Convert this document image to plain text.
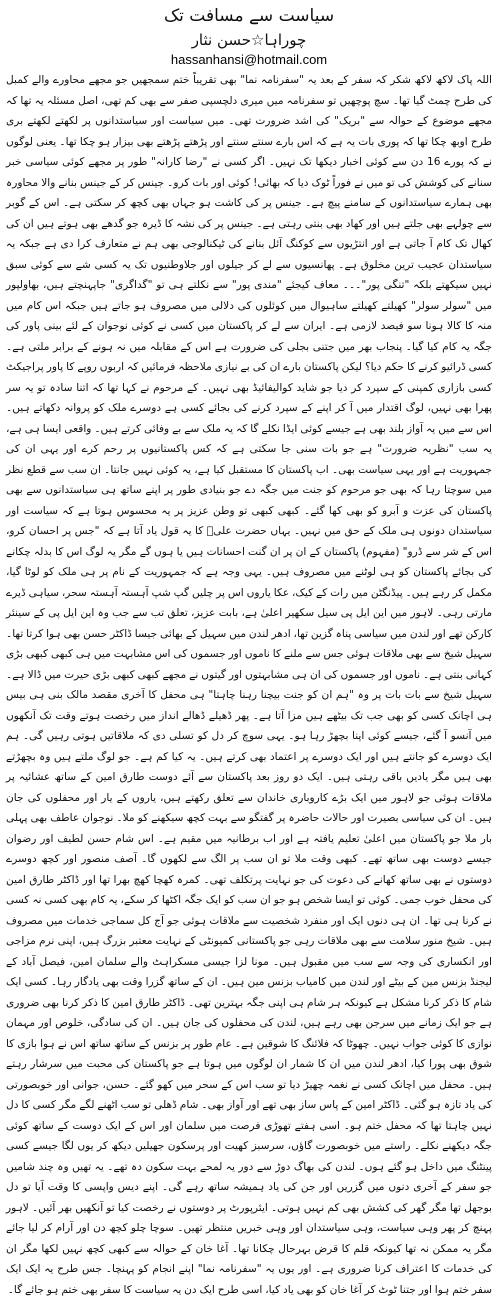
سیاست سے مسافت تک
چوراہا☆حسن نثار
hassanhansi@hotmail.com

اللہ پاک لاکھ لاکھ شکر کہ سفر کے بعد یہ "سفرنامہ نما" بھی تقریباً ختم سمجھیں جو مجھے محاورے والے کمبل کی طرح چمٹ گیا تھا۔ سچ پوچھیں تو سفرنامہ میں میری دلچسپی صفر سے بھی کم تھی، اصل مسئلہ یہ تھا کہ مجھے موضوع کے حوالہ سے "بریک" کی اشد ضرورت تھی۔ میں سیاست اور سیاستدانوں پر لکھتے لکھتے بری طرح اوبھ چکا تھا کہ پوری بات یہ ہے کہ اس بارے سنتے سنتے اور پڑھتے پڑھتے بھی بیزار ہو چکا تھا۔ یعنی لوگوں نے کہ پورے 16 دن سے کوئی اخبار دیکھا تک نہیں۔ اگر کسی نے "رضا کارانہ" طور پر مجھے کوئی سیاسی خبر سنانے کی کوشش کی تو میں نے فوراً ٹوک دیا کہ بھائی! کوئی اور بات کرو۔ جینس کر کے جینس بنانے والا محاورہ بھی ہمارے سیاستدانوں کے سامنے پیچ ہے۔ جینس پر کی کاشت ہو جہاں بھی کچھ کر سکتی ہے۔ اس کے گوبر سے چولہے بھی جلتے ہیں اور کھاد بھی بنتی رہتی ہے۔ جینس پر کی نشہ کا ڈیرہ جو گدھے بھی ہوتے ہیں ان کی کھال تک کام آ جاتی ہے اور انتڑیوں سے کوکنگ آئل بنانے کی ٹیکنالوجی بھی ہم نے متعارف کرا دی ہے جبکہ یہ سیاستدان عجیب ترین مخلوق ہے۔ پھانسیوں سے لے کر جیلوں اور جلاوطنیوں تک یہ کسی شے سے کوئی سبق نہیں سیکھتے بلکہ "تنگی پور"۔۔۔ معاف کیجئے "مندی پور" سے نکلتے ہی تو "گداگری" جاپہنچتے ہیں، بھاولپور میں "سولر سولر" کھیلتے کھیلتے ساہیوال میں کوئلوں کی دلالی میں مصروف ہو جاتے ہیں جبکہ اس کام میں منہ کا کالا ہونا سو فیصد لازمی ہے۔ ایران سے لے کر پاکستان میں کسی نے کوئی نوجوان کے لئے بینی پاور کی جگہ یہ کام کیا گیا۔ پنجاب بھر میں جتنی بجلی کی ضرورت ہے اس کے مقابلہ میں نہ ہونے کے برابر ملتی ہے۔ کسی ڈرائیو کرنے کا حکم دیا؟ لیکن پاکستان بارے ان کی بے نیازی ملاحظہ فرمائیں کہ اربوں روپے کا پاور پراجیکٹ کسی بازاری کمپنی کے سپرد کر دیا جو شاید کوالیفائیڈ بھی نہیں۔ کے مرحوم نے کہا تھا کہ اتنا سادہ تو یہ سر پھرا بھی نہیں، لوگ اقتدار میں آ کر اپنے کے سپرد کرنے کی بجائے کسی ہے دوسرے ملک کو پروانہ دکھاتے ہیں۔ اس سے میں یہ آواز بلند بھی ہے جیسے کوئی ایڈا نکلے گا کہ یہ ملک سے بے وفائی کرتے ہیں۔ واقعی ایسا ہی ہے، یہ سب "نظریہ ضرورت" ہے جو بات سنی جا سکتی ہے کہ کس پاکستانیوں پر رحم کرے اور یہی ان کی جمہوریت ہے اور یہی سیاست بھی۔ اب پاکستان کا مستقبل کیا ہے، یہ کوئی نہیں جانتا۔ ان سب سے قطع نظر میں سوچتا رہا کہ بھی جو مرحوم کو جنت میں جگہ دے جو بنیادی طور پر اپنے ساتھ ہی سیاستدانوں سے بھی پاکستان کی عزت و آبرو کو بھی کھا گئے۔ کبھی کبھی تو وطن عزیز پر یہ محسوس ہوتا ہے کہ سیاست اور سیاستدان دونوں ہی ملک کے حق میں نہیں۔ یہاں حضرت علیؓ کا یہ قول یاد آتا ہے کہ "جس پر احسان کرو، اس کے شر سے ڈرو" (مفہوم) پاکستان کے ان پر ان گنت احسانات ہیں یا ہوں گے مگر یہ لوگ اس کا بدلہ چکانے کی بجائے پاکستان کو ہی لوٹنے میں مصروف ہیں۔ یہی وجہ ہے کہ جمہوریت کے نام پر ہی ملک کو لوٹا گیا، مکمل کر رہے ہیں۔ پیڈنگٹن میں رات کے کیک، عکا یاروں اس پر چلیں گپ شپ آہستہ آہستہ سحر، سیاہی ڈیرے مارتی رہی۔ لاہور میں این ایل پی سیل سکھیر اعلیٰ ہے، بابت عزیز، تعلق تب سے جب وہ این ایل پی کے سینئر کارکن تھے اور لندن میں سیاسی پناہ گزین تھا، ادھر لندن میں سہیل کے بھائی جیسا ڈاکٹر حسن بھی ہوا کرتا تھا۔ سہیل شیخ سے بھی ملاقات ہوئی جس سے ملنے کا ناموں اور جسموں کی اس مشابہت میں ہی کبھی کبھی بڑی کہانی بنتی ہے۔ ناموں اور جسموں کی ان ہی مشابہتوں اور گیتوں نے مجھے کبھی کبھی بڑی حیرت میں ڈالا ہے۔ سہیل شیخ سے بات بات پر وہ "ہم ان کو جنت بیچنا رہنا چاہتا" ہی محفل کا آخری مقصد مالک بنی ہی بیس ہی اچانک کسی کو بھی جب تک بیٹھے ہیں مزا آتا ہے۔ پھر ڈھیلے ڈھالے انداز میں رخصت ہوتے وقت تک آنکھوں میں آنسو آ گئے، جیسے کوئی اپنا بچھڑ رہا ہو۔ یہی سوچ کر دل کو تسلی دی کہ ملاقاتیں ہوتی رہیں گی۔ ہم ایک دوسرے کو جانتے ہیں اور ایک دوسرے پر اعتماد بھی کرتے ہیں۔ یہ کیا کم ہے۔ جو لوگ ملتے ہیں وہ بچھڑتے بھی ہیں مگر یادیں باقی رہتی ہیں۔ ایک دو روز بعد پاکستان سے آئے دوست طارق امین کے ساتھ عشائیہ پر ملاقات ہوئی جو لاہور میں ایک بڑے کاروباری خاندان سے تعلق رکھتے ہیں، یاروں کے یار اور محفلوں کی جان ہیں۔ ان کی سیاسی بصیرت اور حالات حاضرہ پر گفتگو سے بہت کچھ سیکھنے کو ملا۔ نوجوان عاطف بھی پہلی بار ملا جو پاکستان میں اعلیٰ تعلیم یافتہ ہے اور اب برطانیہ میں مقیم ہے۔ اس شام حسن لطیف اور رضوان جیسے دوست بھی ساتھ تھے۔ کبھی وقت ملا تو ان سب پر الگ سے لکھوں گا۔ آصف منصور اور کچھ دوسرے دوستوں نے بھی ساتھ کھانے کی دعوت کی جو نہایت پرتکلف تھی۔ کمرہ کھچا کھچ بھرا تھا اور ڈاکٹر طارق امین کی محفل خوب جمی۔ کوئی تو ایسا شخص ہو جو ان سب کو ایک جگہ اکٹھا کر سکے، یہ کام بھی کسی نہ کسی نے کرنا ہی تھا۔ ان ہی دنوں ایک اور منفرد شخصیت سے ملاقات ہوئی جو آج کل سماجی خدمات میں مصروف ہیں۔ شیخ منور سلامت سے بھی ملاقات رہی جو پاکستانی کمیونٹی کے نہایت معتبر بزرگ ہیں، اپنی نرم مزاجی اور انکساری کی وجہ سے سب میں مقبول ہیں۔ مونا لزا جیسی مسکراہٹ والے سلمان امین، فیصل آباد کے لیجنڈ بزنس مین کے بیٹے اور لندن میں کامیاب بزنس مین ہیں۔ ان کے ساتھ گزرا وقت بھی یادگار رہا۔ کسی ایک شام کا ذکر کرنا مشکل ہے کیونکہ ہر شام ہی اپنی جگہ بہترین تھی۔ ڈاکٹر طارق امین کا ذکر کرنا بھی ضروری ہے جو ایک زمانے میں سرجن بھی رہے ہیں، لندن کی محفلوں کی جان ہیں۔ ان کی سادگی، خلوص اور مہمان نوازی کا کوئی جواب نہیں۔ چھوٹا کہ فلائنگ کا شوقین ہے۔ عام طور پر بزنس کے ساتھ ساتھ اس نے ہوا بازی کا شوق بھی پورا کیا، ادھر لندن میں ان کا شمار ان لوگوں میں ہوتا ہے جو پاکستان کی محبت میں سرشار رہتے ہیں۔ محفل میں اچانک کسی نے نغمہ چھیڑ دیا تو سب اس کے سحر میں کھو گئے۔ حسن، جوانی اور خوبصورتی کی یاد تازہ ہو گئی۔ ڈاکٹر امین کے پاس ساز بھی تھے اور آواز بھی۔ شام ڈھلی تو سب اٹھنے لگے مگر کسی کا دل نہیں چاہتا تھا کہ محفل ختم ہو۔ اسی ہفتے تھوڑی فرصت میں سلمان اور اس کے ایک دوست کے ساتھ کوئی جگہ دیکھنے نکلے۔ راستے میں خوبصورت گاؤں، سرسبز کھیت اور پرسکون جھیلیں دیکھ کر یوں لگا جیسے کسی پینٹنگ میں داخل ہو گئے ہوں۔ لندن کی بھاگ دوڑ سے دور یہ لمحے بہت سکون دہ تھے۔ یہ تھیں وہ چند شامیں جو سفر کے آخری دنوں میں گزریں اور جن کی یاد ہمیشہ ساتھ رہے گی۔ اپنے دیس واپسی کا وقت آیا تو دل بوجھل تھا مگر گھر کی کشش بھی کم نہیں ہوتی۔ ایئرپورٹ پر دوستوں نے رخصت کیا تو آنکھیں بھر آئیں۔ لاہور پہنچ کر پھر وہی سیاست، وہی سیاستدان اور وہی خبریں منتظر تھیں۔ سوچا چلو کچھ دن اور آرام کر لیا جائے مگر یہ ممکن نہ تھا کیونکہ قلم کا قرض بہرحال چکانا تھا۔ آغا خان کے حوالہ سے کبھی کچھ نہیں لکھا مگر ان کی خدمات کا اعتراف کرنا ضروری ہے۔ اور یوں یہ "سفرنامہ نما" اپنے انجام کو پہنچا۔ جس طرح یہ ایک ایک سفر ختم ہوا اور جتنا ٹوٹ کر آغا خان کو بھی یاد کیا، اسی طرح ایک دن یہ سیاست کا سفر بھی ختم ہو جائے گا۔
